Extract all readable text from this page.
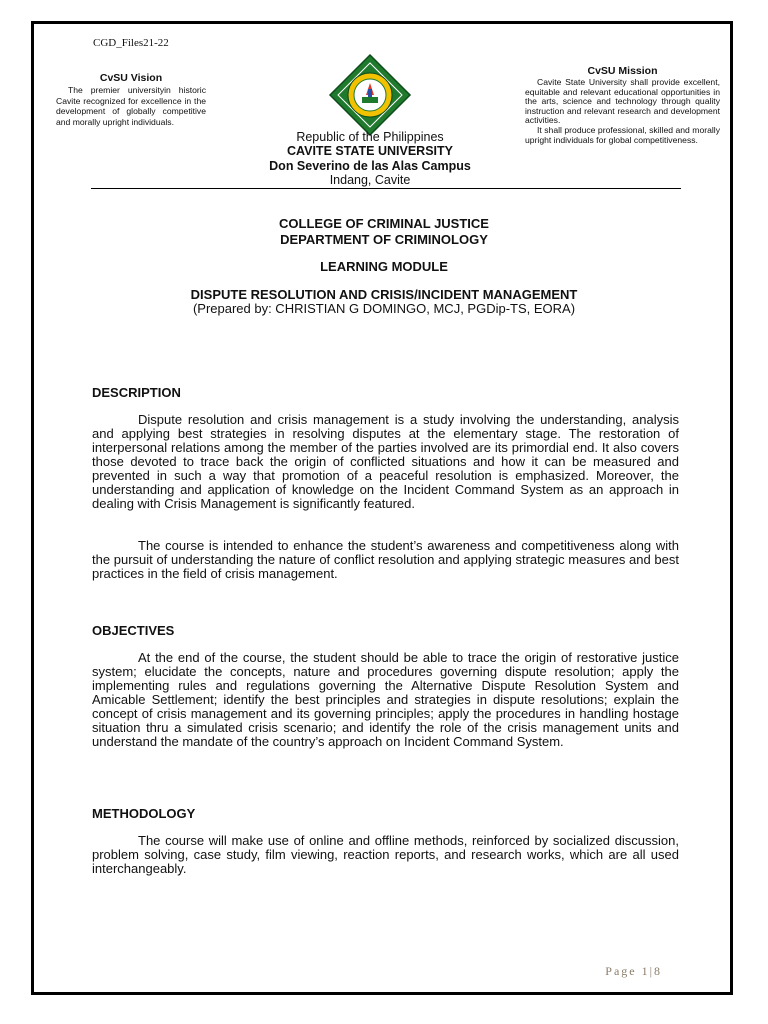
CGD_Files21-22
CvSU Vision

The premier universityin historic Cavite recognized for excellence in the development of globally competitive and morally upright individuals.

Republic of the Philippines
CAVITE STATE UNIVERSITY
Don Severino de las Alas Campus
Indang, Cavite
CvSU Mission

Cavite State University shall provide excellent, equitable and relevant educational opportunities in the arts, science and technology through quality instruction and relevant research and development activities.

It shall produce professional, skilled and morally upright individuals for global competitiveness.

COLLEGE OF CRIMINAL JUSTICE
DEPARTMENT OF CRIMINOLOGY
LEARNING MODULE
DISPUTE RESOLUTION AND CRISIS/INCIDENT MANAGEMENT
(Prepared by: CHRISTIAN G DOMINGO, MCJ, PGDip-TS, EORA)
DESCRIPTION

Dispute resolution and crisis management is a study involving the understanding, analysis and applying best strategies in resolving disputes at the elementary stage. The restoration of interpersonal relations among the member of the parties involved are its primordial end. It also covers those devoted to trace back the origin of conflicted situations and how it can be measured and prevented in such a way that promotion of a peaceful resolution is emphasized. Moreover, the understanding and application of knowledge on the Incident Command System as an approach in dealing with Crisis Management is significantly featured.

The course is intended to enhance the student’s awareness and competitiveness along with the pursuit of understanding the nature of conflict resolution and applying strategic measures and best practices in the field of crisis management.

OBJECTIVES

At the end of the course, the student should be able to trace the origin of restorative justice system; elucidate the concepts, nature and procedures governing dispute resolution; apply the implementing rules and regulations governing the Alternative Dispute Resolution System and Amicable Settlement; identify the best principles and strategies in dispute resolutions; explain the concept of crisis management and its governing principles; apply the procedures in handling hostage situation thru a simulated crisis scenario; and identify the role of the crisis management units and understand the mandate of the country’s approach on Incident Command System.

METHODOLOGY

The course will make use of online and offline methods, reinforced by socialized discussion, problem solving, case study, film viewing, reaction reports, and research works, which are all used interchangeably.

Page 1|8
